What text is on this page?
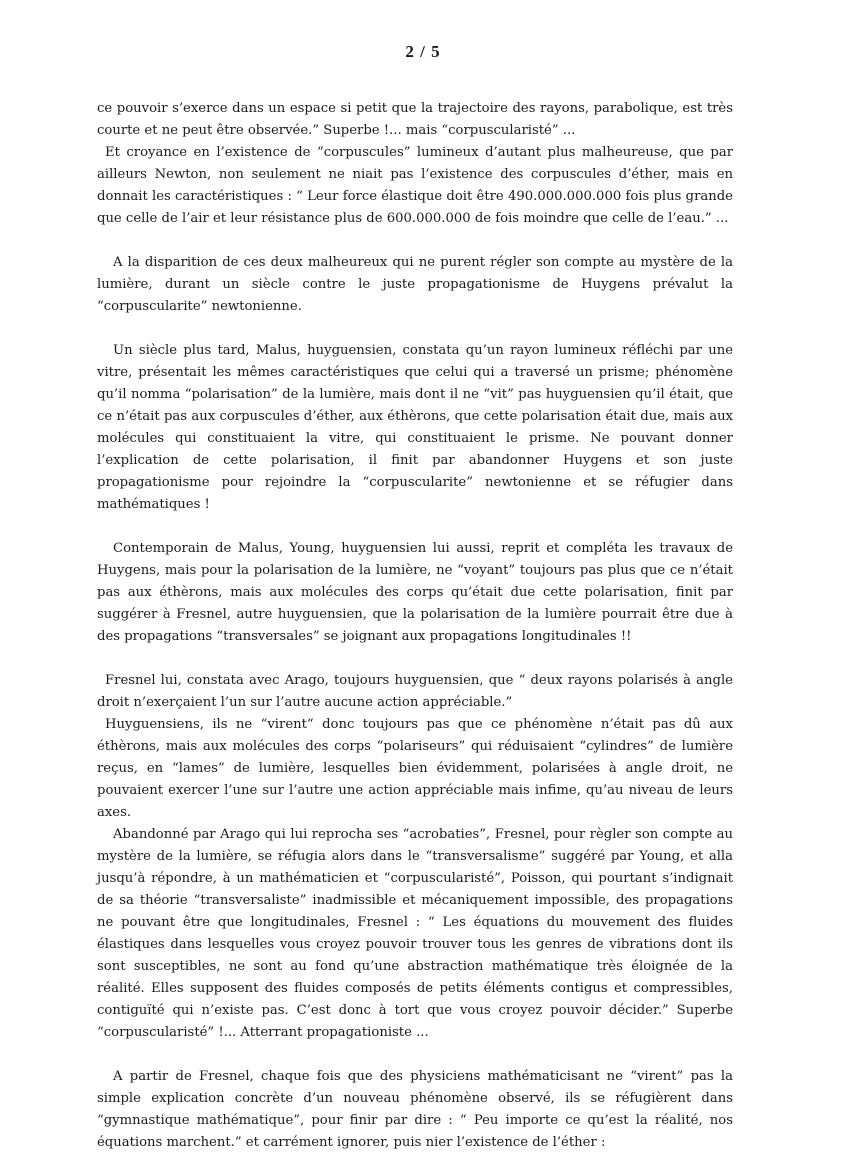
2 / 5

ce pouvoir s’exerce dans un espace si petit que la trajectoire des rayons, parabolique, est très courte et ne peut être observée.” Superbe !... mais “corpuscularisté” ...

Et croyance en l’existence de “corpuscules” lumineux d’autant plus malheureuse, que par ailleurs Newton, non seulement ne niait pas l’existence des corpuscules d’éther, mais en donnait les caractéristiques : “ Leur force élastique doit être 490.000.000.000 fois plus grande que celle de l’air et leur résistance plus de 600.000.000 de fois moindre que celle de l’eau.” ...

A la disparition de ces deux malheureux qui ne purent régler son compte au mystère de la lumière, durant un siècle contre le juste propagationisme de Huygens prévalut la “corpuscularite” newtonienne.

Un siècle plus tard, Malus, huyguensien, constata qu’un rayon lumineux réfléchi par une vitre, présentait les mêmes caractéristiques que celui qui a traversé un prisme; phénomène qu’il nomma “polarisation” de la lumière, mais dont il ne “vit” pas huyguensien qu’il était, que ce n’était pas aux corpuscules d’éther, aux éthèrons, que cette polarisation était due, mais aux molécules qui constituaient la vitre, qui constituaient le prisme. Ne pouvant donner l’explication de cette polarisation, il finit par abandonner Huygens et son juste propagationisme pour rejoindre la “corpuscularite” newtonienne et se réfugier dans mathématiques !

Contemporain de Malus, Young, huyguensien lui aussi, reprit et compléta les travaux de Huygens, mais pour la polarisation de la lumière, ne “voyant” toujours pas plus que ce n’était pas aux éthèrons, mais aux molécules des corps qu’était due cette polarisation, finit par suggérer à Fresnel, autre huyguensien, que la polarisation de la lumière pourrait être due à des propagations “transversales” se joignant aux propagations longitudinales !!

Fresnel lui, constata avec Arago, toujours huyguensien, que “ deux rayons polarisés à angle droit n’exerçaient l’un sur l’autre aucune action appréciable.”

Huyguensiens, ils ne “virent“ donc toujours pas que ce phénomène n’était pas dû aux éthèrons, mais aux molécules des corps “polariseurs” qui réduisaient “cylindres” de lumière reçus, en “lames” de lumière, lesquelles bien évidemment, polarisées à angle droit, ne pouvaient exercer l’une sur l’autre une action appréciable mais infime, qu’au niveau de leurs axes.

Abandonné par Arago qui lui reprocha ses “acrobaties”, Fresnel, pour règler son compte au mystère de la lumière, se réfugia alors dans le “transversalisme” suggéré par Young, et alla jusqu’à répondre, à un mathématicien et “corpuscularisté”, Poisson, qui pourtant s’indignait de sa théorie “transversaliste” inadmissible et mécaniquement impossible, des propagations ne pouvant être que longitudinales, Fresnel : “ Les équations du mouvement des fluides élastiques dans lesquelles vous croyez pouvoir trouver tous les genres de vibrations dont ils sont susceptibles, ne sont au fond qu’une abstraction mathématique très éloignée de la réalité. Elles supposent des fluides composés de petits éléments contigus et compressibles, contiguïté qui n’existe pas. C’est donc à tort que vous croyez pouvoir décider.” Superbe “corpuscularisté” !... Atterrant propagationiste ...

A partir de Fresnel, chaque fois que des physiciens mathématicisant ne “virent” pas la simple explication concrète d’un nouveau phénomène observé, ils se réfugièrent dans “gymnastique mathématique”, pour finir par dire : “ Peu importe ce qu’est la réalité, nos équations marchent.” et carrément ignorer, puis nier l’existence de l’éther :
